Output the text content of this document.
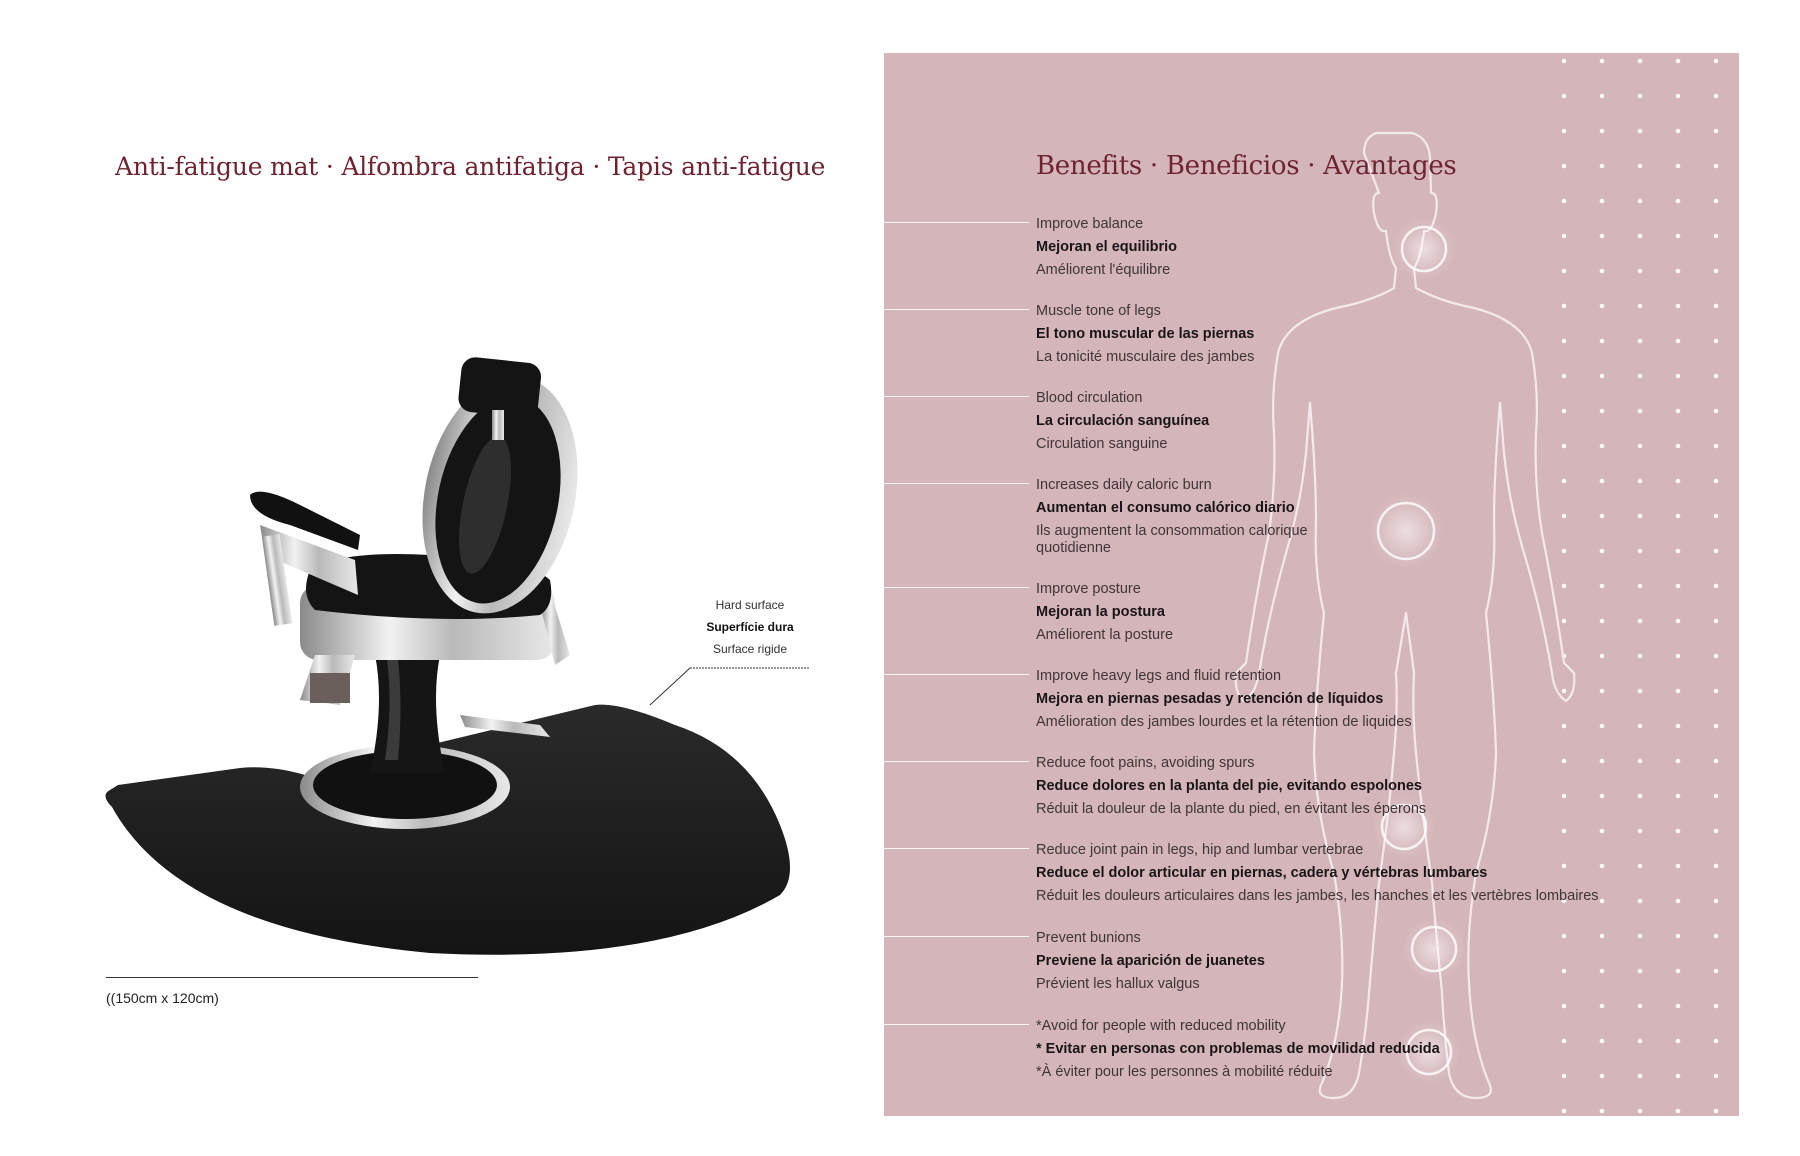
Anti-fatigue mat · Alfombra antifatiga · Tapis anti-fatigue
Hard surface
Superfície dura
Surface rigide
((150cm x 120cm)
Benefits · Beneficios · Avantages
Improve balance
Mejoran el equilibrio
Améliorent l'équilibre
Muscle tone of legs
El tono muscular de las piernas
La tonicité musculaire des jambes
Blood circulation
La circulación sanguínea
Circulation sanguine
Increases daily caloric burn
Aumentan el consumo calórico diario
Ils augmentent la consommation calorique quotidienne
Improve posture
Mejoran la postura
Améliorent la posture
Improve heavy legs and fluid retention
Mejora en piernas pesadas y retención de líquidos
Amélioration des jambes lourdes et la rétention de liquides
Reduce foot pains, avoiding spurs
Reduce dolores en la planta del pie, evitando espolones
Réduit la douleur de la plante du pied, en évitant les éperons
Reduce joint pain in legs, hip and lumbar vertebrae
Reduce el dolor articular en piernas, cadera y vértebras lumbares
Réduit les douleurs articulaires dans les jambes, les hanches et les vertèbres lombaires
Prevent bunions
Previene la aparición de juanetes
Prévient les hallux valgus
*Avoid for people with reduced mobility
* Evitar en personas con problemas de movilidad reducida
*À éviter pour les personnes à mobilité réduite
